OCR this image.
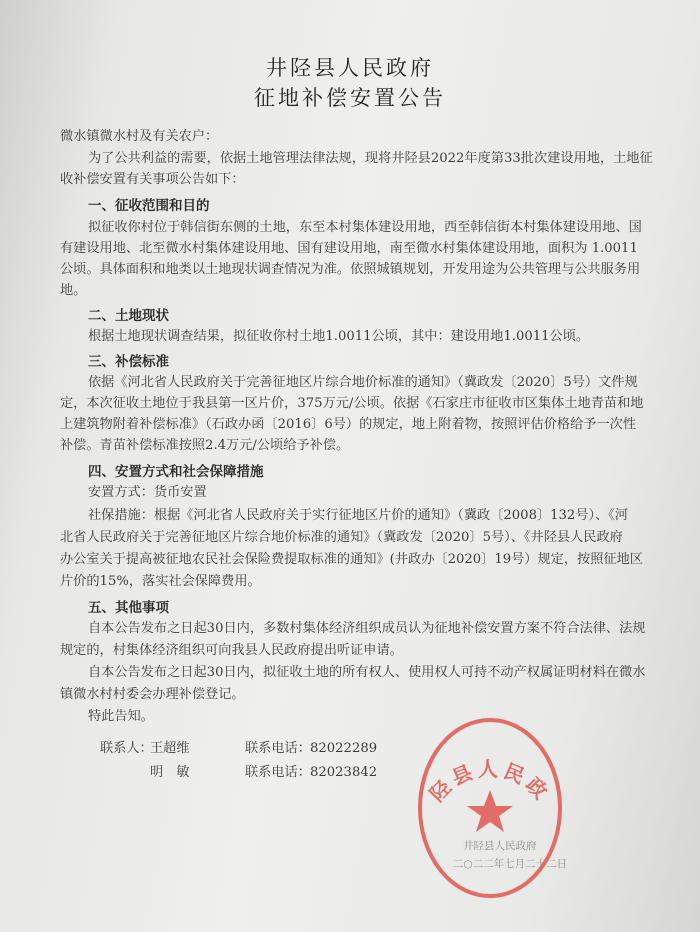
井陉县人民政府
征地补偿安置公告
微水镇微水村及有关农户：
为了公共利益的需要，依据土地管理法律法规，现将井陉县2022年度第33批次建设用地，土地征
收补偿安置有关事项公告如下：
一、征收范围和目的
拟征收你村位于韩信街东侧的土地，东至本村集体建设用地，西至韩信街本村集体建设用地、国
有建设用地、北至微水村集体建设用地、国有建设用地，南至微水村集体建设用地，面积为 1.0011
公顷。具体面积和地类以土地现状调查情况为准。依照城镇规划，开发用途为公共管理与公共服务用
地。
二、土地现状
根据土地现状调查结果，拟征收你村土地1.0011公顷，其中：建设用地1.0011公顷。
三、补偿标准
依据《河北省人民政府关于完善征地区片综合地价标准的通知》（冀政发〔2020〕5号）文件规
定，本次征收土地位于我县第一区片价，375万元/公顷。依据《石家庄市征收市区集体土地青苗和地
上建筑物附着补偿标准》（石政办函〔2016〕6号）的规定，地上附着物，按照评估价格给予一次性
补偿。青苗补偿标准按照2.4万元/公顷给予补偿。
四、安置方式和社会保障措施
安置方式：货币安置
社保措施：根据《河北省人民政府关于实行征地区片价的通知》（冀政〔2008〕132号）、《河
北省人民政府关于完善征地区片综合地价标准的通知》（冀政发〔2020〕5号）、《井陉县人民政府
办公室关于提高被征地农民社会保险费提取标准的通知》(井政办〔2020〕19号）规定，按照征地区
片价的15%，落实社会保障费用。
五、其他事项
自本公告发布之日起30日内，多数村集体经济组织成员认为征地补偿安置方案不符合法律、法规
规定的，村集体经济组织可向我县人民政府提出听证申请。
自本公告发布之日起30日内，拟征收土地的所有权人、使用权人可持不动产权属证明材料在微水
镇微水村村委会办理补偿登记。
特此告知。
联系人：
王超维	联系电话： 82022289
明　敏	联系电话： 82023842
陉县人民政
井陉县人民政府
二○二二年七月二十二日
